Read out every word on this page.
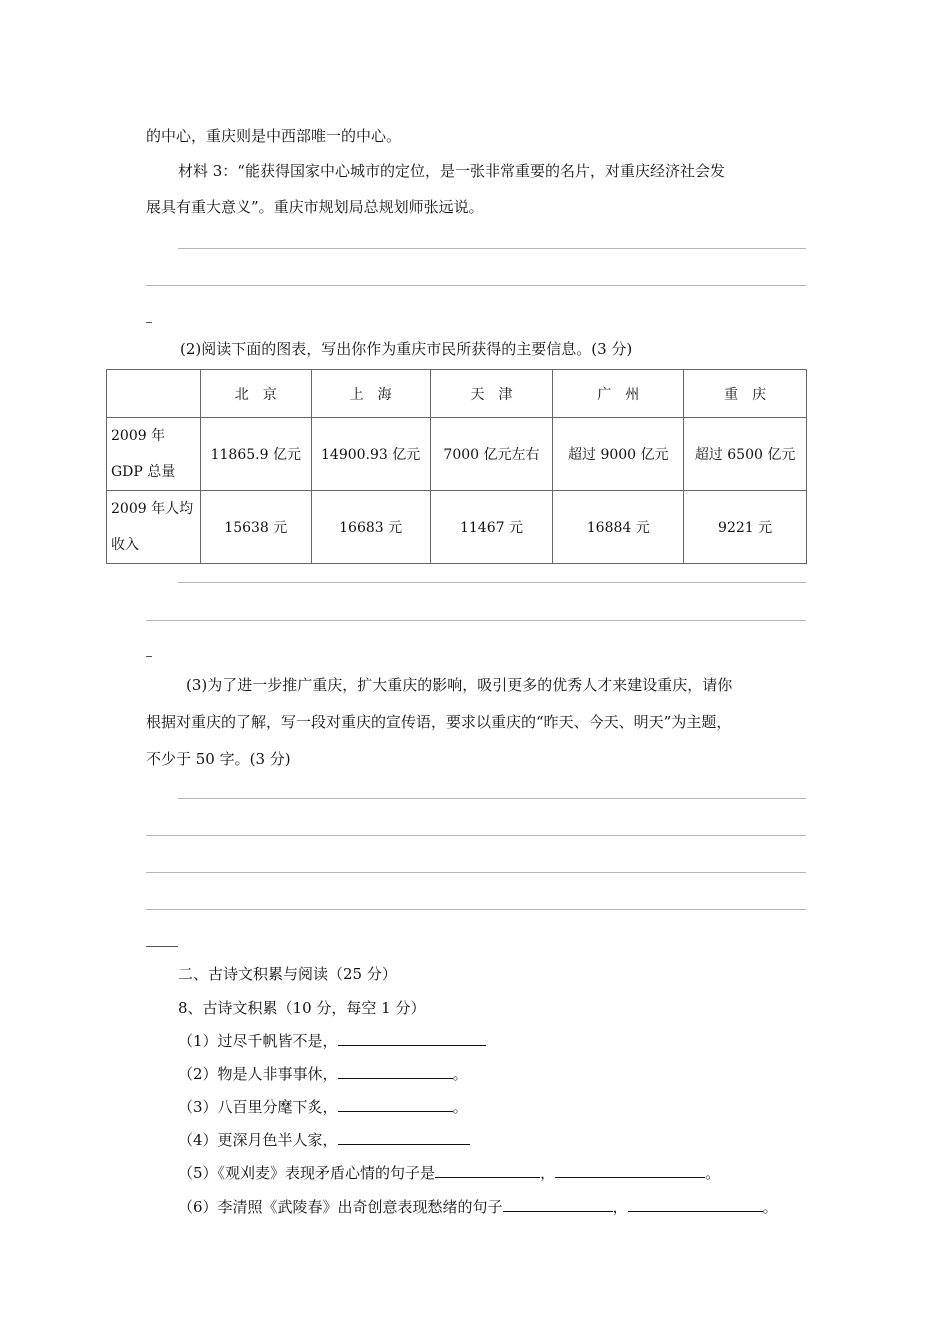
的中心，重庆则是中西部唯一的中心。
材料 3：“能获得国家中心城市的定位，是一张非常重要的名片，对重庆经济社会发
展具有重大意义”。重庆市规划局总规划师张远说。
(2)阅读下面的图表，写出你作为重庆市民所获得的主要信息。(3 分)
	北　京	上　海	天　津	广　州	重　庆
2009 年 GDP 总量	11865.9 亿元	14900.93 亿元	7000 亿元左右	超过 9000 亿元	超过 6500 亿元
2009 年人均收入	15638 元	16683 元	11467 元	16884 元	9221 元
(3)为了进一步推广重庆，扩大重庆的影响，吸引更多的优秀人才来建设重庆，请你
根据对重庆的了解，写一段对重庆的宣传语，要求以重庆的“昨天、今天、明天”为主题，
不少于 50 字。(3 分)
二、古诗文积累与阅读（25 分）
8、古诗文积累（10 分，每空 1 分）
（1）过尽千帆皆不是，
（2）物是人非事事休，	。
（3）八百里分麾下炙，	。
（4）更深月色半人家，
（5）《观刈麦》表现矛盾心情的句子是	，	。
（6）李清照《武陵春》出奇创意表现愁绪的句子	，	。
